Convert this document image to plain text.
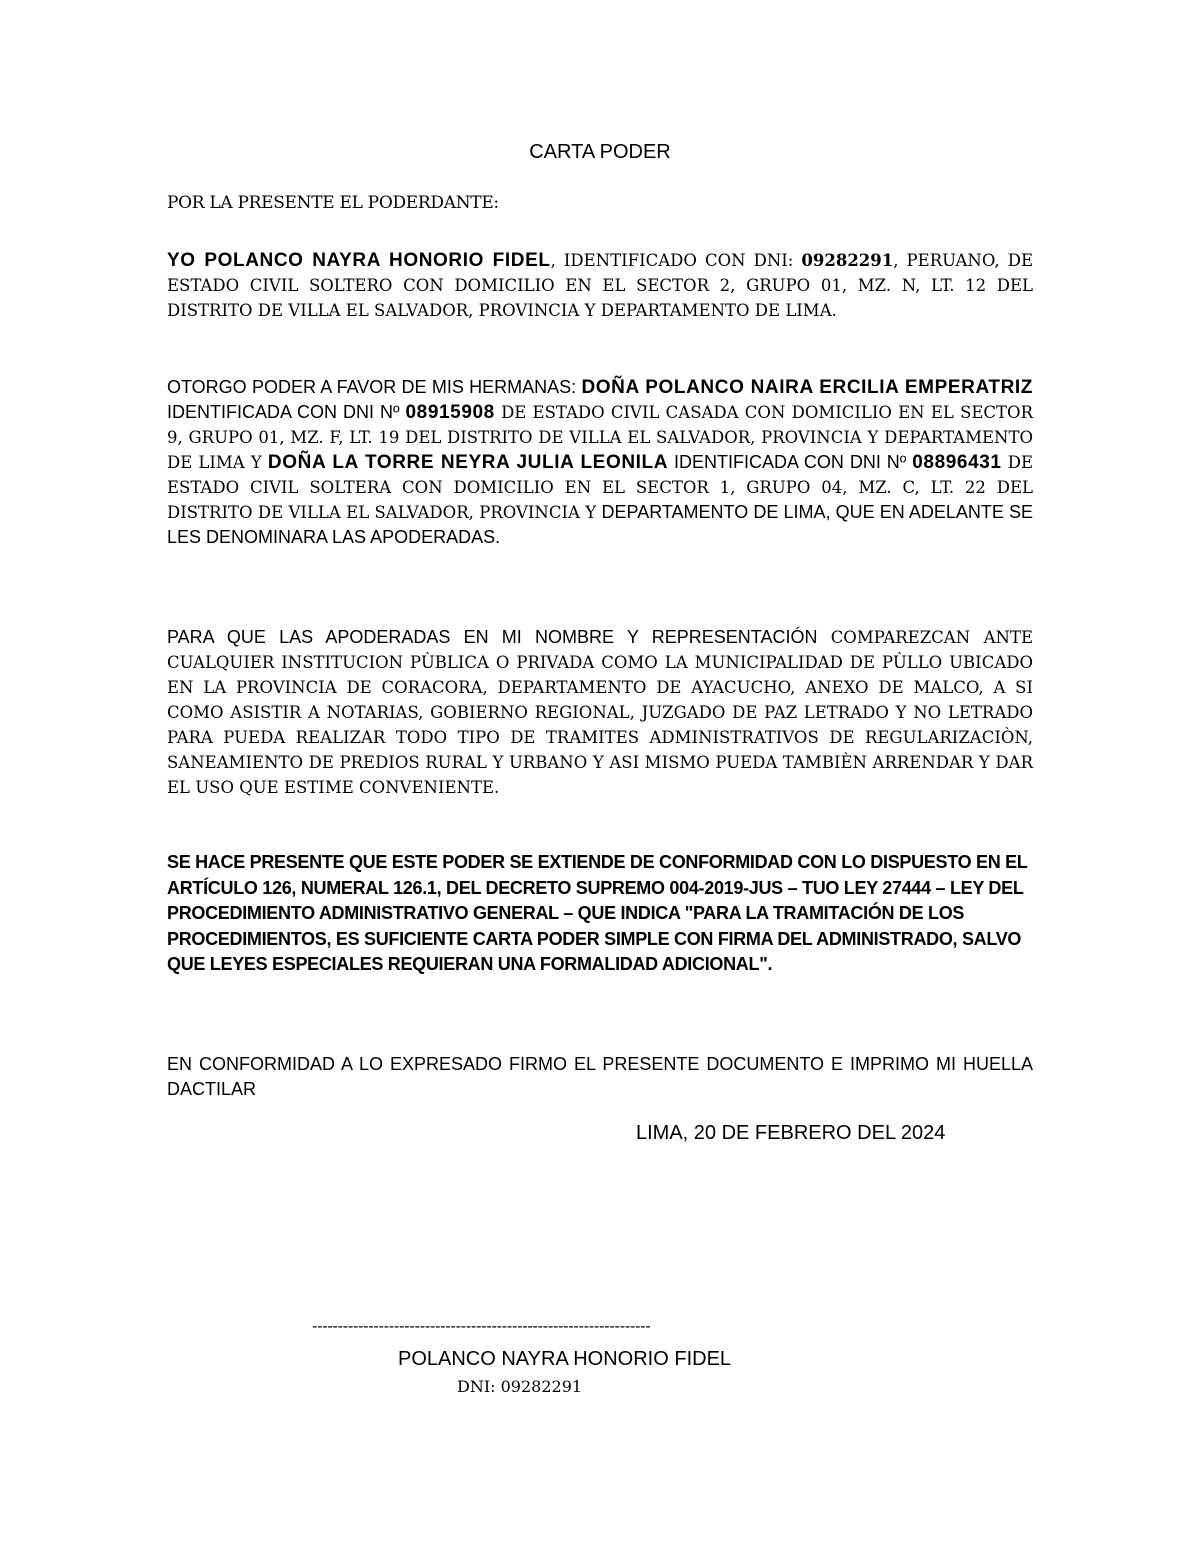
CARTA PODER
POR LA PRESENTE EL PODERDANTE:
YO POLANCO NAYRA HONORIO FIDEL, IDENTIFICADO CON DNI: 09282291, PERUANO, DE ESTADO CIVIL SOLTERO CON DOMICILIO EN EL SECTOR 2, GRUPO 01, MZ. N, LT. 12 DEL DISTRITO DE VILLA EL SALVADOR, PROVINCIA Y DEPARTAMENTO DE LIMA.
OTORGO PODER A FAVOR DE MIS HERMANAS: DOÑA POLANCO NAIRA ERCILIA EMPERATRIZ IDENTIFICADA CON DNI Nº 08915908 DE ESTADO CIVIL CASADA CON DOMICILIO EN EL SECTOR 9, GRUPO 01, MZ. F, LT. 19 DEL DISTRITO DE VILLA EL SALVADOR, PROVINCIA Y DEPARTAMENTO DE LIMA Y DOÑA LA TORRE NEYRA JULIA LEONILA IDENTIFICADA CON DNI Nº 08896431 DE ESTADO CIVIL SOLTERA CON DOMICILIO EN EL SECTOR 1, GRUPO 04, MZ. C, LT. 22 DEL DISTRITO DE VILLA EL SALVADOR, PROVINCIA Y DEPARTAMENTO DE LIMA, QUE EN ADELANTE SE LES DENOMINARA LAS APODERADAS.
PARA QUE LAS APODERADAS EN MI NOMBRE Y REPRESENTACIÓN COMPAREZCAN ANTE CUALQUIER INSTITUCION PÙBLICA O PRIVADA COMO LA MUNICIPALIDAD DE PÙLLO UBICADO EN LA PROVINCIA DE CORACORA, DEPARTAMENTO DE AYACUCHO, ANEXO DE MALCO, A SI COMO ASISTIR A NOTARIAS, GOBIERNO REGIONAL, JUZGADO DE PAZ LETRADO Y NO LETRADO PARA PUEDA REALIZAR TODO TIPO DE TRAMITES ADMINISTRATIVOS DE REGULARIZACIÒN, SANEAMIENTO DE PREDIOS RURAL Y URBANO Y ASI MISMO PUEDA TAMBIÈN ARRENDAR Y DAR EL USO QUE ESTIME CONVENIENTE.
SE HACE PRESENTE QUE ESTE PODER SE EXTIENDE DE CONFORMIDAD CON LO DISPUESTO EN EL ARTÍCULO 126, NUMERAL 126.1, DEL DECRETO SUPREMO 004-2019-JUS – TUO LEY 27444 – LEY DEL PROCEDIMIENTO ADMINISTRATIVO GENERAL – QUE INDICA "PARA LA TRAMITACIÓN DE LOS PROCEDIMIENTOS, ES SUFICIENTE CARTA PODER SIMPLE CON FIRMA DEL ADMINISTRADO, SALVO QUE LEYES ESPECIALES REQUIERAN UNA FORMALIDAD ADICIONAL".
EN CONFORMIDAD A LO EXPRESADO FIRMO EL PRESENTE DOCUMENTO E IMPRIMO MI HUELLA DACTILAR
LIMA, 20 DE FEBRERO DEL 2024
------------------------------------------------------------------
POLANCO NAYRA HONORIO FIDEL
DNI: 09282291
